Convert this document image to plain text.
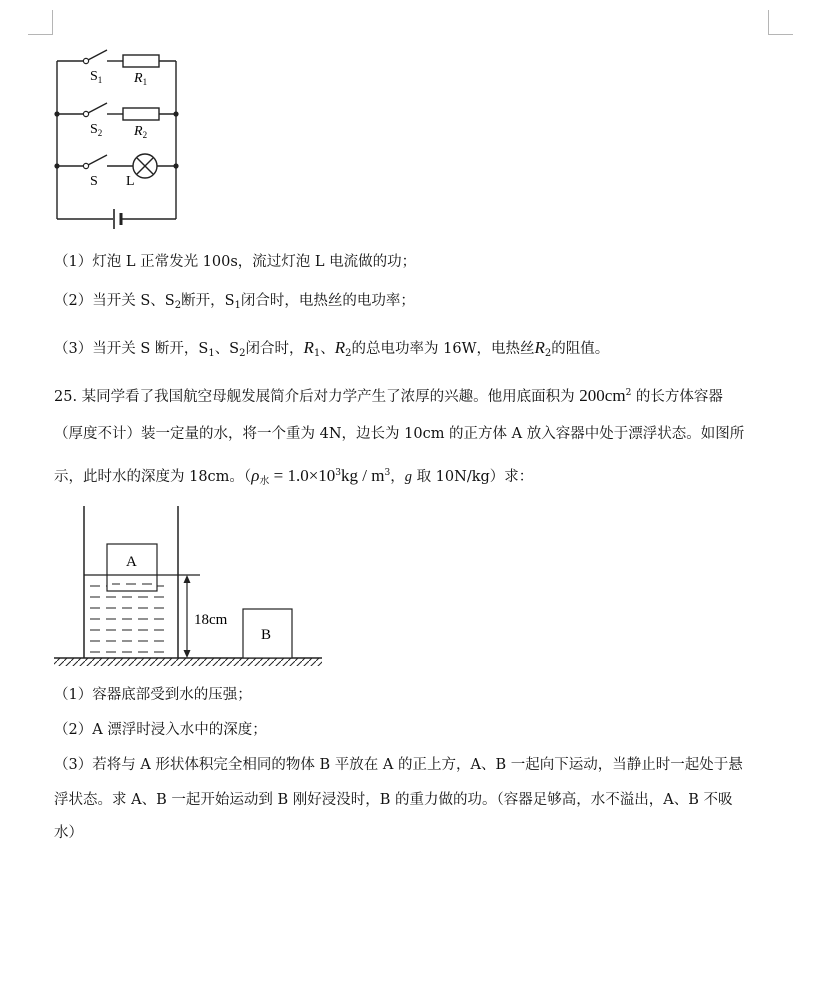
$S_1$ $R_1$
$S_2$ $R_2$
S L
（1）灯泡 L 正常发光 100s，流过灯泡 L 电流做的功；
（2）当开关 S、$S_2$断开，$S_1$闭合时，电热丝的电功率；
（3）当开关 S 断开，$S_1$、$S_2$闭合时，$R_1$、$R_2$的总电功率为 16W，电热丝$R_2$的阻值。
25. 某同学看了我国航空母舰发展简介后对力学产生了浓厚的兴趣。他用底面积为 $200cm^2$ 的长方体容器
（厚度不计）装一定量的水，将一个重为 4N，边长为 10cm 的正方体 A 放入容器中处于漂浮状态。如图所
示，此时水的深度为 18cm。（$\rho_水 = 1.0\times 10^3kg / m^3$，g 取 10N/kg）求：
A
18cm
B
（1）容器底部受到水的压强；
（2）A 漂浮时浸入水中的深度；
（3）若将与 A 形状体积完全相同的物体 B 平放在 A 的正上方，A、B 一起向下运动，当静止时一起处于悬
浮状态。求 A、B 一起开始运动到 B 刚好浸没时，B 的重力做的功。（容器足够高，水不溢出，A、B 不吸
水）
